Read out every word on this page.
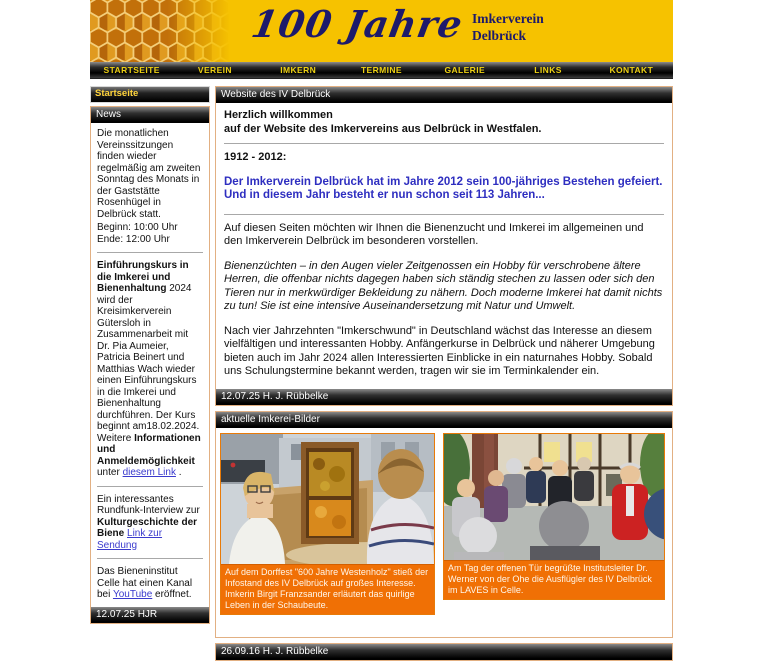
100 Jahre Imkerverein
Delbrück
STARTSEITE	VEREIN	IMKERN	TERMINE	GALERIE	LINKS	KONTAKT
Startseite
News

Die monatlichen Vereinssitzungen finden wieder regelmäßig am zweiten Sonntag des Monats in der Gaststätte Rosenhügel in Delbrück statt.

Beginn: 10:00 Uhr

Ende: 12:00 Uhr

Einführungskurs in die Imkerei und Bienenhaltung 2024 wird der Kreisimkerverein Gütersloh in Zusammenarbeit mit Dr. Pia Aumeier, Patricia Beinert und Matthias Wach wieder einen Einführungskurs in die Imkerei und Bienenhaltung durchführen. Der Kurs beginnt am18.02.2024. Weitere Informationen und Anmeldemöglichkeit unter diesem Link .

Ein interessantes Rundfunk-Interview zur Kulturgeschichte der Biene Link zur Sendung

Das Bieneninstitut Celle hat einen Kanal bei YouTube eröffnet.

12.07.25 HJR
Website des IV Delbrück

Herzlich willkommen
auf der Website des Imkervereins aus Delbrück in Westfalen.

1912 - 2012:

Der Imkerverein Delbrück hat im Jahre 2012 sein 100-jähriges Bestehen gefeiert. Und in diesem Jahr besteht er nun schon seit 113 Jahren...

Auf diesen Seiten möchten wir Ihnen die Bienenzucht und Imkerei im allgemeinen und den Imkerverein Delbrück im besonderen vorstellen.

Bienenzüchten – in den Augen vieler Zeitgenossen ein Hobby für verschrobene ältere Herren, die offenbar nichts dagegen haben sich ständig stechen zu lassen oder sich den Tieren nur in merkwürdiger Bekleidung zu nähern. Doch moderne Imkerei hat damit nichts zu tun! Sie ist eine intensive Auseinandersetzung mit Natur und Umwelt.

Nach vier Jahrzehnten "Imkerschwund" in Deutschland wächst das Interesse an diesem vielfältigen und interessanten Hobby. Anfängerkurse in Delbrück und näherer Umgebung bieten auch im Jahr 2024 allen Interessierten Einblicke in ein naturnahes Hobby. Sobald uns Schulungstermine bekannt werden, tragen wir sie im Terminkalender ein.

12.07.25 H. J. Rübbelke
aktuelle Imkerei-Bilder
Auf dem Dorffest "600 Jahre Westenholz" stieß der Infostand des IV Delbrück auf großes Interesse. Imkerin Birgit Franzsander erläutert das quirlige Leben in der Schaubeute.
Am Tag der offenen Tür begrüßte Institutsleiter Dr. Werner von der Ohe die Ausflügler des IV Delbrück im LAVES in Celle.
26.09.16 H. J. Rübbelke
